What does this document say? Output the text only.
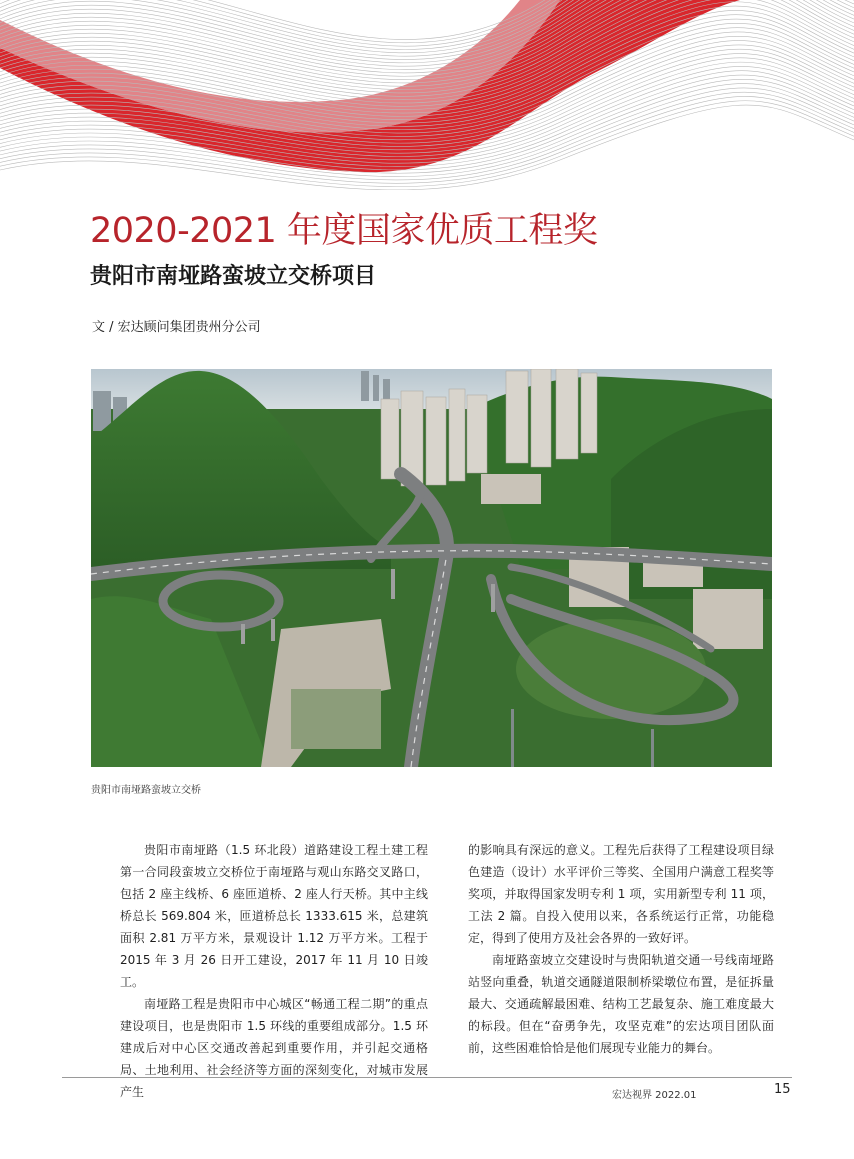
2020-2021 年度国家优质工程奖
贵阳市南垭路蛮坡立交桥项目

文 / 宏达顾问集团贵州分公司

贵阳市南垭路蛮坡立交桥

贵阳市南垭路（1.5 环北段）道路建设工程土建工程第一合同段蛮坡立交桥位于南垭路与观山东路交叉路口，包括 2 座主线桥、6 座匝道桥、2 座人行天桥。其中主线桥总长 569.804 米，匝道桥总长 1333.615 米，总建筑面积 2.81 万平方米，景观设计 1.12 万平方米。工程于 2015 年 3 月 26 日开工建设，2017 年 11 月 10 日竣工。

南垭路工程是贵阳市中心城区“畅通工程二期”的重点建设项目，也是贵阳市 1.5 环线的重要组成部分。1.5 环建成后对中心区交通改善起到重要作用，并引起交通格局、土地利用、社会经济等方面的深刻变化，对城市发展产生

的影响具有深远的意义。工程先后获得了工程建设项目绿色建造（设计）水平评价三等奖、全国用户满意工程奖等奖项，并取得国家发明专利 1 项，实用新型专利 11 项，工法 2 篇。自投入使用以来，各系统运行正常，功能稳定，得到了使用方及社会各界的一致好评。

南垭路蛮坡立交建设时与贵阳轨道交通一号线南垭路站竖向重叠，轨道交通隧道限制桥梁墩位布置，是征拆量最大、交通疏解最困难、结构工艺最复杂、施工难度最大的标段。但在“奋勇争先，攻坚克难”的宏达项目团队面前，这些困难恰恰是他们展现专业能力的舞台。

宏达视界 2022.01	15
